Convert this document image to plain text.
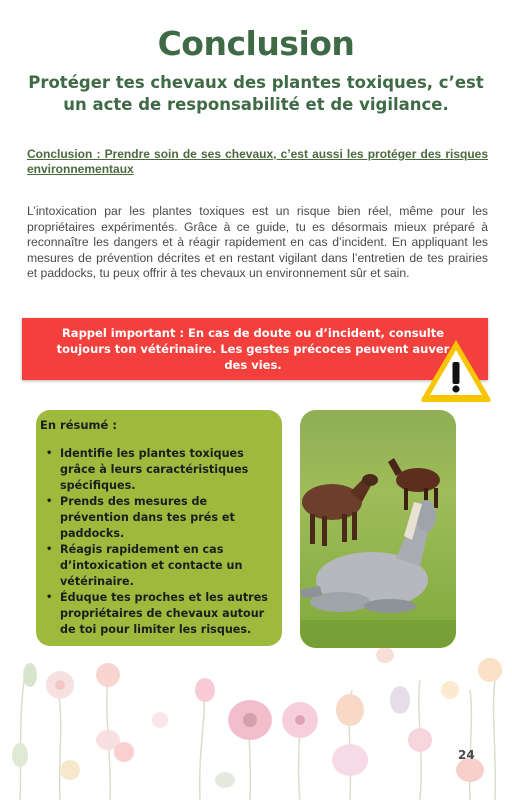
Conclusion
Protéger tes chevaux des plantes toxiques, c’est un acte de responsabilité et de vigilance.
Conclusion : Prendre soin de ses chevaux, c’est aussi les protéger des risques environnementaux
L’intoxication par les plantes toxiques est un risque bien réel, même pour les propriétaires expérimentés. Grâce à ce guide, tu es désormais mieux préparé à reconnaître les dangers et à réagir rapidement en cas d’incident. En appliquant les mesures de prévention décrites et en restant vigilant dans l’entretien de tes prairies et paddocks, tu peux offrir à tes chevaux un environnement sûr et sain.
Rappel important : En cas de doute ou d’incident, consulte toujours ton vétérinaire. Les gestes précoces peuvent auver des vies.
En résumé :
• Identifie les plantes toxiques grâce à leurs caractéristiques spécifiques.
• Prends des mesures de prévention dans tes prés et paddocks.
• Réagis rapidement en cas d’intoxication et contacte un vétérinaire.
• Éduque tes proches et les autres propriétaires de chevaux autour de toi pour limiter les risques.
24
